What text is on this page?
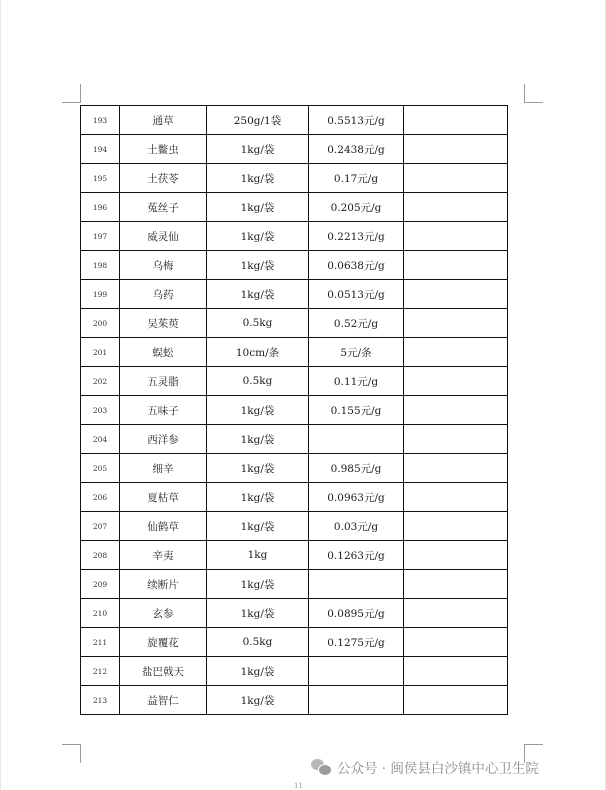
193	通草	250g/1袋	0.5513元/g	
194	土鳖虫	1kg/袋	0.2438元/g	
195	土茯苓	1kg/袋	0.17元/g	
196	菟丝子	1kg/袋	0.205元/g	
197	威灵仙	1kg/袋	0.2213元/g	
198	乌梅	1kg/袋	0.0638元/g	
199	乌药	1kg/袋	0.0513元/g	
200	吴茱萸	0.5kg	0.52元/g	
201	蜈蚣	10cm/条	5元/条	
202	五灵脂	0.5kg	0.11元/g	
203	五味子	1kg/袋	0.155元/g	
204	西洋参	1kg/袋		
205	细辛	1kg/袋	0.985元/g	
206	夏枯草	1kg/袋	0.0963元/g	
207	仙鹤草	1kg/袋	0.03元/g	
208	辛夷	1kg	0.1263元/g	
209	续断片	1kg/袋		
210	玄参	1kg/袋	0.0895元/g	
211	旋覆花	0.5kg	0.1275元/g	
212	盐巴戟天	1kg/袋		
213	益智仁	1kg/袋		
11
公众号 · 闽侯县白沙镇中心卫生院
